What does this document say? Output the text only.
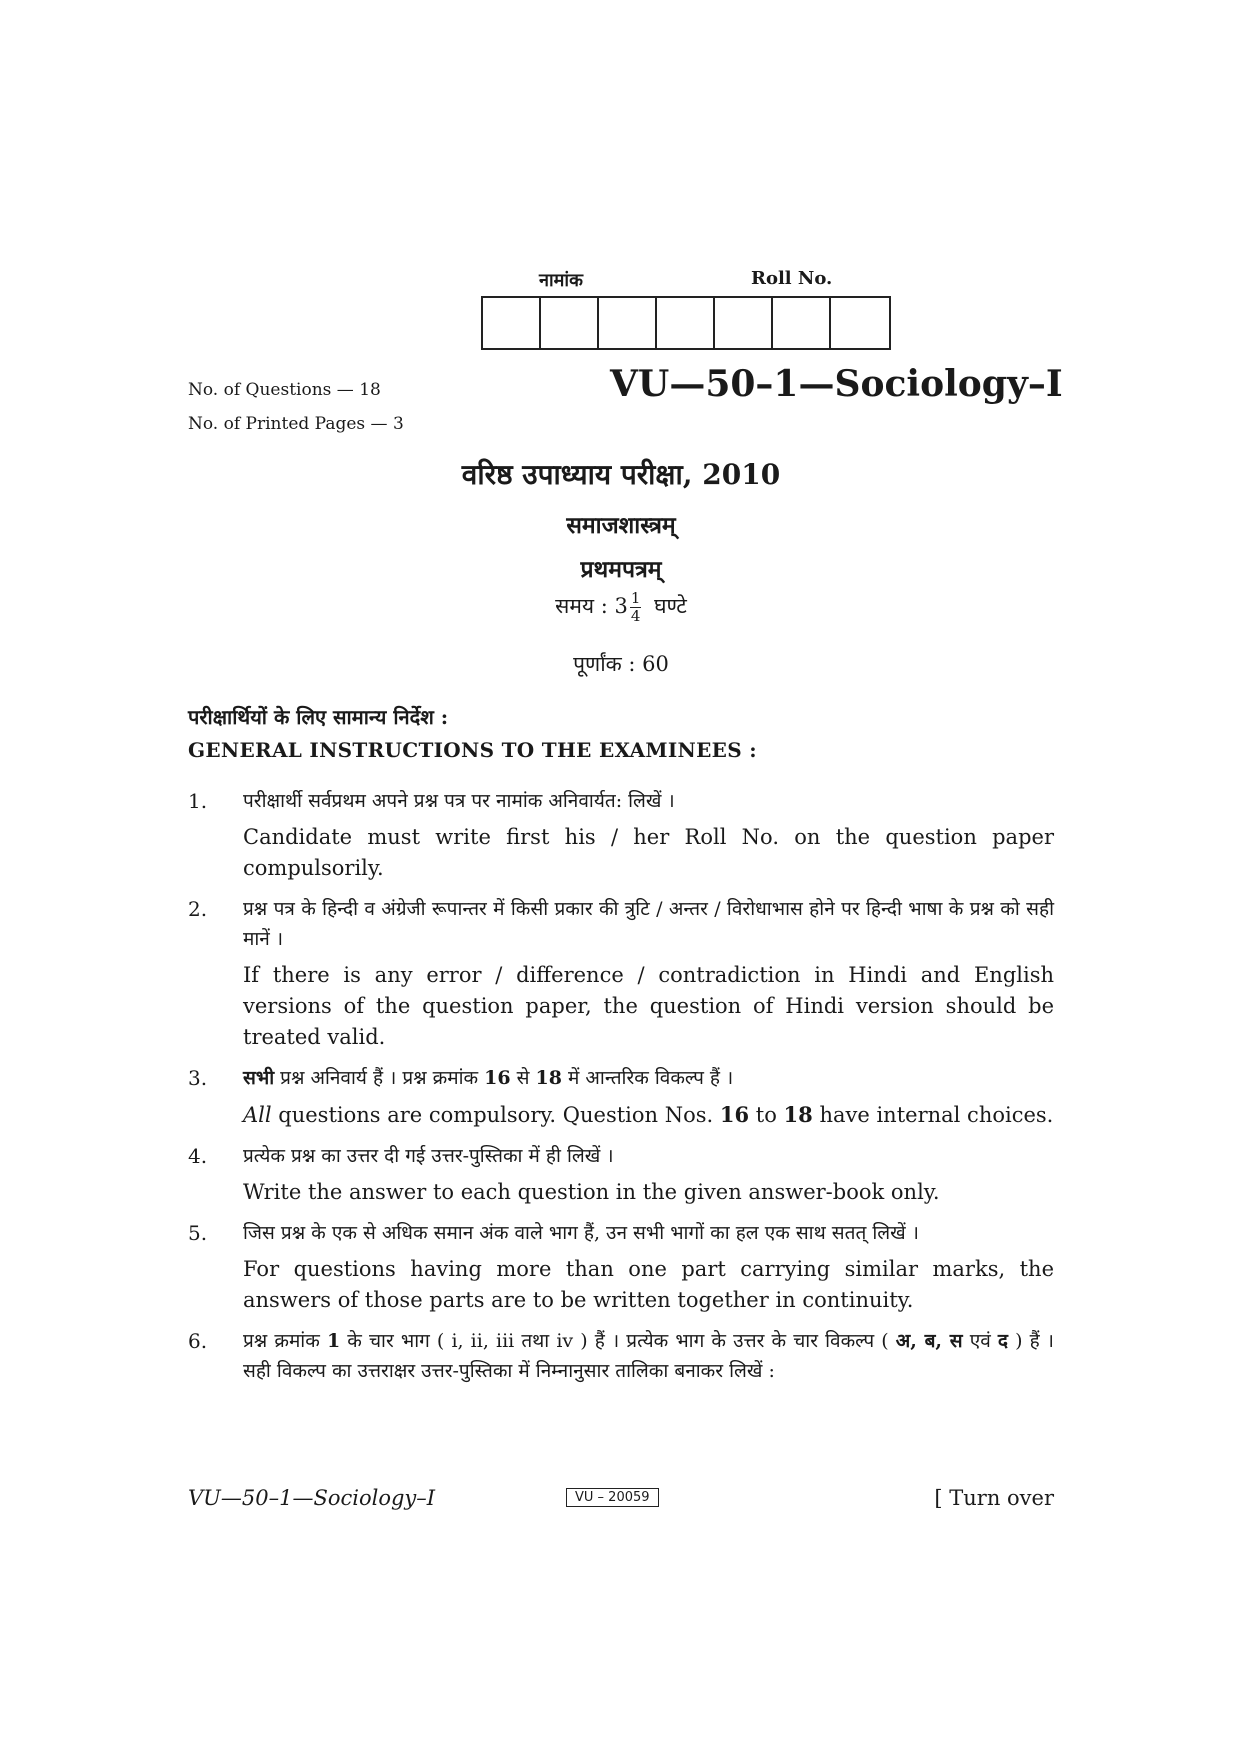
नामांक	Roll No.
No. of Questions — 18
No. of Printed Pages — 3
VU—50–1—Sociology–I
वरिष्ठ उपाध्याय परीक्षा, 2010
समाजशास्त्रम्
प्रथमपत्रम्
समय : $3 \frac{1}{4}$ घण्टे
पूर्णांक : 60
परीक्षार्थियों के लिए सामान्य निर्देश :
GENERAL INSTRUCTIONS TO THE EXAMINEES :
1.	परीक्षार्थी सर्वप्रथम अपने प्रश्न पत्र पर नामांक अनिवार्यत: लिखें ।

Candidate must write first his / her Roll No. on the question paper compulsorily.

2.	प्रश्न पत्र के हिन्दी व अंग्रेजी रूपान्तर में किसी प्रकार की त्रुटि / अन्तर / विरोधाभास होने पर हिन्दी भाषा के प्रश्न को सही मानें ।

If there is any error / difference / contradiction in Hindi and English versions of the question paper, the question of Hindi version should be treated valid.

3.	सभी प्रश्न अनिवार्य हैं । प्रश्न क्रमांक 16 से 18 में आन्तरिक विकल्प हैं ।

All questions are compulsory. Question Nos. 16 to 18 have internal choices.

4.	प्रत्येक प्रश्न का उत्तर दी गई उत्तर-पुस्तिका में ही लिखें ।

Write the answer to each question in the given answer-book only.

5.	जिस प्रश्न के एक से अधिक समान अंक वाले भाग हैं, उन सभी भागों का हल एक साथ सतत् लिखें ।

For questions having more than one part carrying similar marks, the answers of those parts are to be written together in continuity.

6.	प्रश्न क्रमांक 1 के चार भाग ( i, ii, iii तथा iv ) हैं । प्रत्येक भाग के उत्तर के चार विकल्प ( अ, ब, स एवं द ) हैं । सही विकल्प का उत्तराक्षर उत्तर-पुस्तिका में निम्नानुसार तालिका बनाकर लिखें :

VU—50–1—Sociology–I	VU – 20059	[ Turn over
